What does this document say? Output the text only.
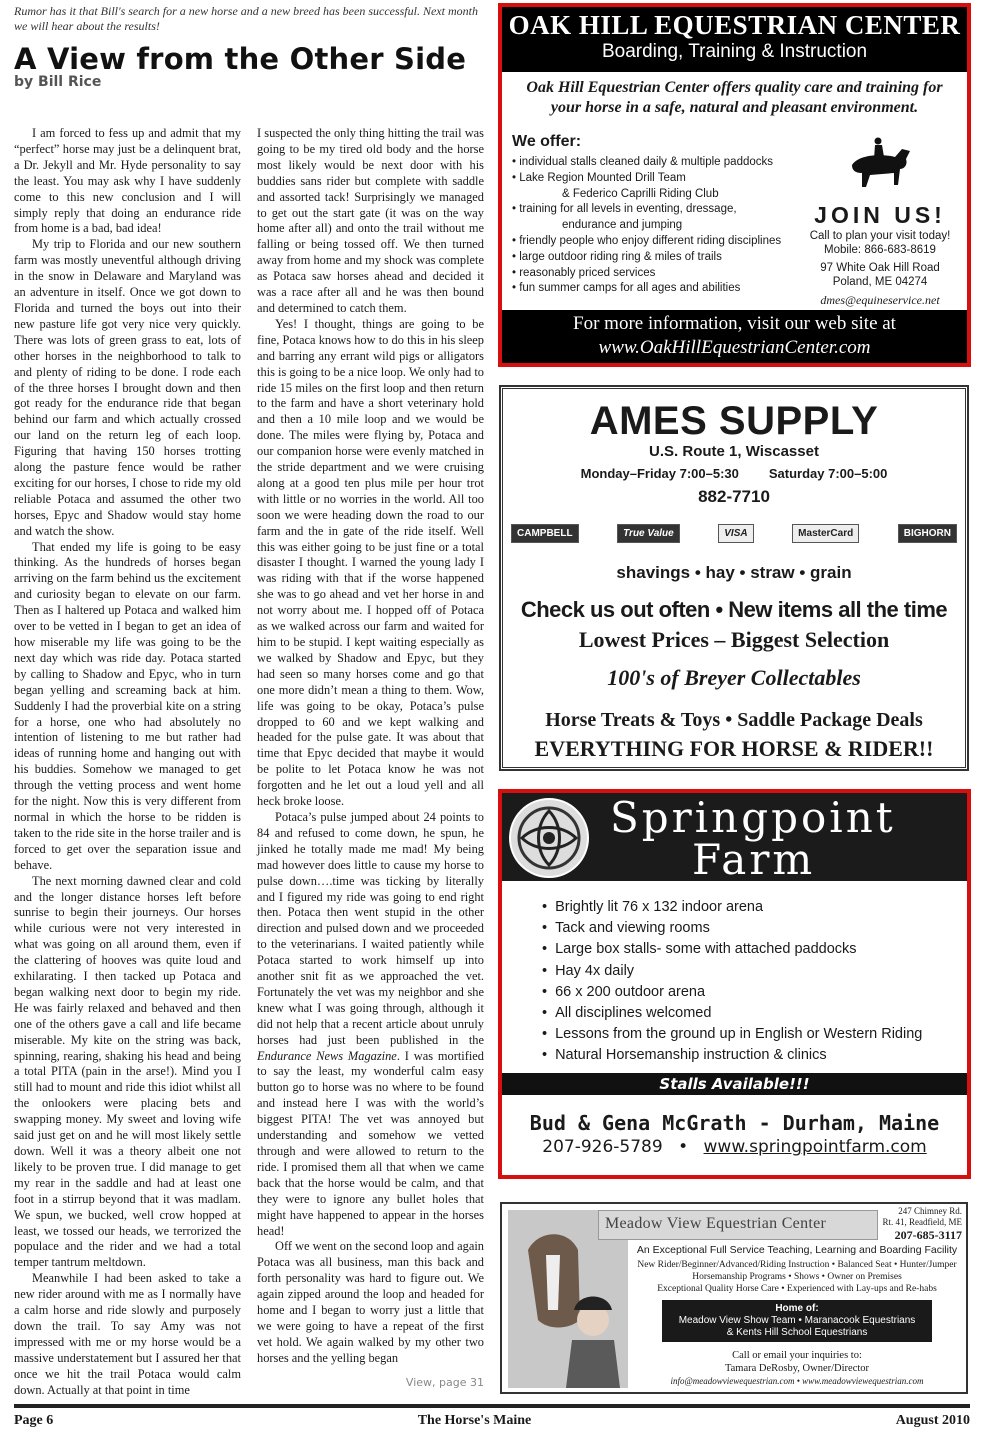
Rumor has it that Bill's search for a new horse and a new breed has been successful. Next month we will hear about the results!
A View from the Other Side
by Bill Rice

I am forced to fess up and admit that my “perfect” horse may just be a delinquent brat, a Dr. Jekyll and Mr. Hyde personality to say the least. You may ask why I have suddenly come to this new conclusion and I will simply reply that doing an endurance ride from home is a bad, bad idea!

My trip to Florida and our new southern farm was mostly uneventful although driving in the snow in Delaware and Maryland was an adventure in itself. Once we got down to Florida and turned the boys out into their new pasture life got very nice very quickly. There was lots of green grass to eat, lots of other horses in the neighborhood to talk to and plenty of riding to be done. I rode each of the three horses I brought down and then got ready for the endurance ride that began behind our farm and which actually crossed our land on the return leg of each loop. Figuring that having 150 horses trotting along the pasture fence would be rather exciting for our horses, I chose to ride my old reliable Potaca and assumed the other two horses, Epyc and Shadow would stay home and watch the show.

That ended my life is going to be easy thinking. As the hundreds of horses began arriving on the farm behind us the excitement and curiosity began to elevate on our farm. Then as I haltered up Potaca and walked him over to be vetted in I began to get an idea of how miserable my life was going to be the next day which was ride day. Potaca started by calling to Shadow and Epyc, who in turn began yelling and screaming back at him. Suddenly I had the proverbial kite on a string for a horse, one who had absolutely no intention of listening to me but rather had ideas of running home and hanging out with his buddies. Somehow we managed to get through the vetting process and went home for the night. Now this is very different from normal in which the horse to be ridden is taken to the ride site in the horse trailer and is forced to get over the separation issue and behave.

The next morning dawned clear and cold and the longer distance horses left before sunrise to begin their journeys. Our horses while curious were not very interested in what was going on all around them, even if the clattering of hooves was quite loud and exhilarating. I then tacked up Potaca and began walking next door to begin my ride. He was fairly relaxed and behaved and then one of the others gave a call and life became miserable. My kite on the string was back, spinning, rearing, shaking his head and being a total PITA (pain in the arse!). Mind you I still had to mount and ride this idiot whilst all the onlookers were placing bets and swapping money. My sweet and loving wife said just get on and he will most likely settle down. Well it was a theory albeit one not likely to be proven true. I did manage to get my rear in the saddle and had at least one foot in a stirrup beyond that it was madlam. We spun, we bucked, well crow hopped at least, we tossed our heads, we terrorized the populace and the rider and we had a total temper tantrum meltdown.

Meanwhile I had been asked to take a new rider around with me as I normally have a calm horse and ride slowly and purposely down the trail. To say Amy was not impressed with me or my horse would be a massive understatement but I assured her that once we hit the trail Potaca would calm down. Actually at that point in time

I suspected the only thing hitting the trail was going to be my tired old body and the horse most likely would be next door with his buddies sans rider but complete with saddle and assorted tack! Surprisingly we managed to get out the start gate (it was on the way home after all) and onto the trail without me falling or being tossed off. We then turned away from home and my shock was complete as Potaca saw horses ahead and decided it was a race after all and he was then bound and determined to catch them.

Yes! I thought, things are going to be fine, Potaca knows how to do this in his sleep and barring any errant wild pigs or alligators this is going to be a nice loop. We only had to ride 15 miles on the first loop and then return to the farm and have a short veterinary hold and then a 10 mile loop and we would be done. The miles were flying by, Potaca and our companion horse were evenly matched in the stride department and we were cruising along at a good ten plus mile per hour trot with little or no worries in the world. All too soon we were heading down the road to our farm and the in gate of the ride itself. Well this was either going to be just fine or a total disaster I thought. I warned the young lady I was riding with that if the worse happened she was to go ahead and vet her horse in and not worry about me. I hopped off of Potaca as we walked across our farm and waited for him to be stupid. I kept waiting especially as we walked by Shadow and Epyc, but they had seen so many horses come and go that one more didn’t mean a thing to them. Wow, life was going to be okay, Potaca’s pulse dropped to 60 and we kept walking and headed for the pulse gate. It was about that time that Epyc decided that maybe it would be polite to let Potaca know he was not forgotten and he let out a loud yell and all heck broke loose.

Potaca’s pulse jumped about 24 points to 84 and refused to come down, he spun, he jinked he totally made me mad! My being mad however does little to cause my horse to pulse down….time was ticking by literally and I figured my ride was going to end right then. Potaca then went stupid in the other direction and pulsed down and we proceeded to the veterinarians. I waited patiently while Potaca started to work himself up into another snit fit as we approached the vet. Fortunately the vet was my neighbor and she knew what I was going through, although it did not help that a recent article about unruly horses had just been published in the Endurance News Magazine. I was mortified to say the least, my wonderful calm easy button go to horse was no where to be found and instead here I was with the world’s biggest PITA! The vet was annoyed but understanding and somehow we vetted through and were allowed to return to the ride. I promised them all that when we came back that the horse would be calm, and that they were to ignore any bullet holes that might have happened to appear in the horses head!

Off we went on the second loop and again Potaca was all business, man this back and forth personality was hard to figure out. We again zipped around the loop and headed for home and I began to worry just a little that we were going to have a repeat of the first vet hold. We again walked by my other two horses and the yelling began

View, page 31
OAK HILL EQUESTRIAN CENTER
Boarding, Training & Instruction
Oak Hill Equestrian Center offers quality care and training for your horse in a safe, natural and pleasant environment.
We offer:
• individual stalls cleaned daily & multiple paddocks
• Lake Region Mounted Drill Team
& Federico Caprilli Riding Club
• training for all levels in eventing, dressage,
endurance and jumping
• friendly people who enjoy different riding disciplines
• large outdoor riding ring & miles of trails
• reasonably priced services
• fun summer camps for all ages and abilities
JOIN US!
Call to plan your visit today!
Mobile: 866-683-8619
97 White Oak Hill Road
Poland, ME 04274
dmes@equineservice.net
For more information, visit our web site at
www.OakHillEquestrianCenter.com
AMES SUPPLY
U.S. Route 1, Wiscasset
Monday–Friday 7:00–5:30 Saturday 7:00–5:00
882-7710
CAMPBELL	True Value	VISA	MasterCard	BIGHORN
shavings • hay • straw • grain
Check us out often • New items all the time
Lowest Prices – Biggest Selection
100's of Breyer Collectables
Horse Treats & Toys • Saddle Package Deals
EVERYTHING FOR HORSE & RIDER!!
Springpoint
Farm
• Brightly lit 76 x 132 indoor arena
• Tack and viewing rooms
• Large box stalls- some with attached paddocks
• Hay 4x daily
• 66 x 200 outdoor arena
• All disciplines welcomed
• Lessons from the ground up in English or Western Riding
• Natural Horsemanship instruction & clinics
Stalls Available!!!
Bud & Gena McGrath - Durham, Maine
207-926-5789 • www.springpointfarm.com
Meadow View Equestrian Center
247 Chimney Rd.
Rt. 41, Readfield, ME
207-685-3117
An Exceptional Full Service Teaching, Learning and Boarding Facility
New Rider/Beginner/Advanced/Riding Instruction • Balanced Seat • Hunter/Jumper
Horsemanship Programs • Shows • Owner on Premises
Exceptional Quality Horse Care • Experienced with Lay-ups and Re-habs
Home of:
Meadow View Show Team • Maranacook Equestrians
& Kents Hill School Equestrians
Call or email your inquiries to:
Tamara DeRosby, Owner/Director
info@meadowviewequestrian.com • www.meadowviewequestrian.com
Page 6	The Horse's Maine	August 2010
